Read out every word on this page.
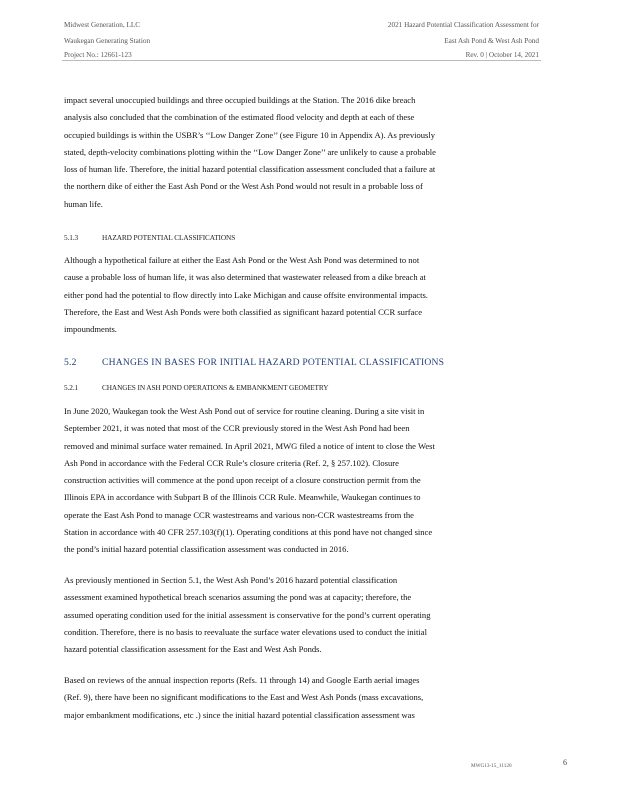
Midwest Generation, LLC
Waukegan Generating Station
Project No.: 12661-123
2021 Hazard Potential Classification Assessment for
East Ash Pond & West Ash Pond
Rev. 0 | October 14, 2021
impact several unoccupied buildings and three occupied buildings at the Station. The 2016 dike breach
analysis also concluded that the combination of the estimated flood velocity and depth at each of these
occupied buildings is within the USBR’s ‘‘Low Danger Zone’’ (see Figure 10 in Appendix A). As previously
stated, depth-velocity combinations plotting within the ‘‘Low Danger Zone’’ are unlikely to cause a probable
loss of human life. Therefore, the initial hazard potential classification assessment concluded that a failure at
the northern dike of either the East Ash Pond or the West Ash Pond would not result in a probable loss of
human life.
5.1.3	HAZARD POTENTIAL CLASSIFICATIONS
Although a hypothetical failure at either the East Ash Pond or the West Ash Pond was determined to not
cause a probable loss of human life, it was also determined that wastewater released from a dike breach at
either pond had the potential to flow directly into Lake Michigan and cause offsite environmental impacts.
Therefore, the East and West Ash Ponds were both classified as significant hazard potential CCR surface
impoundments.
5.2	CHANGES IN BASES FOR INITIAL HAZARD POTENTIAL CLASSIFICATIONS
5.2.1	CHANGES IN ASH POND OPERATIONS & EMBANKMENT GEOMETRY
In June 2020, Waukegan took the West Ash Pond out of service for routine cleaning. During a site visit in
September 2021, it was noted that most of the CCR previously stored in the West Ash Pond had been
removed and minimal surface water remained. In April 2021, MWG filed a notice of intent to close the West
Ash Pond in accordance with the Federal CCR Rule’s closure criteria (Ref. 2, § 257.102). Closure
construction activities will commence at the pond upon receipt of a closure construction permit from the
Illinois EPA in accordance with Subpart B of the Illinois CCR Rule. Meanwhile, Waukegan continues to
operate the East Ash Pond to manage CCR wastestreams and various non-CCR wastestreams from the
Station in accordance with 40 CFR 257.103(f)(1). Operating conditions at this pond have not changed since
the pond’s initial hazard potential classification assessment was conducted in 2016.
As previously mentioned in Section 5.1, the West Ash Pond’s 2016 hazard potential classification
assessment examined hypothetical breach scenarios assuming the pond was at capacity; therefore, the
assumed operating condition used for the initial assessment is conservative for the pond’s current operating
condition. Therefore, there is no basis to reevaluate the surface water elevations used to conduct the initial
hazard potential classification assessment for the East and West Ash Ponds.
Based on reviews of the annual inspection reports (Refs. 11 through 14) and Google Earth aerial images
(Ref. 9), there have been no significant modifications to the East and West Ash Ponds (mass excavations,
major embankment modifications, etc .) since the initial hazard potential classification assessment was
MWG13-15_11120	6
